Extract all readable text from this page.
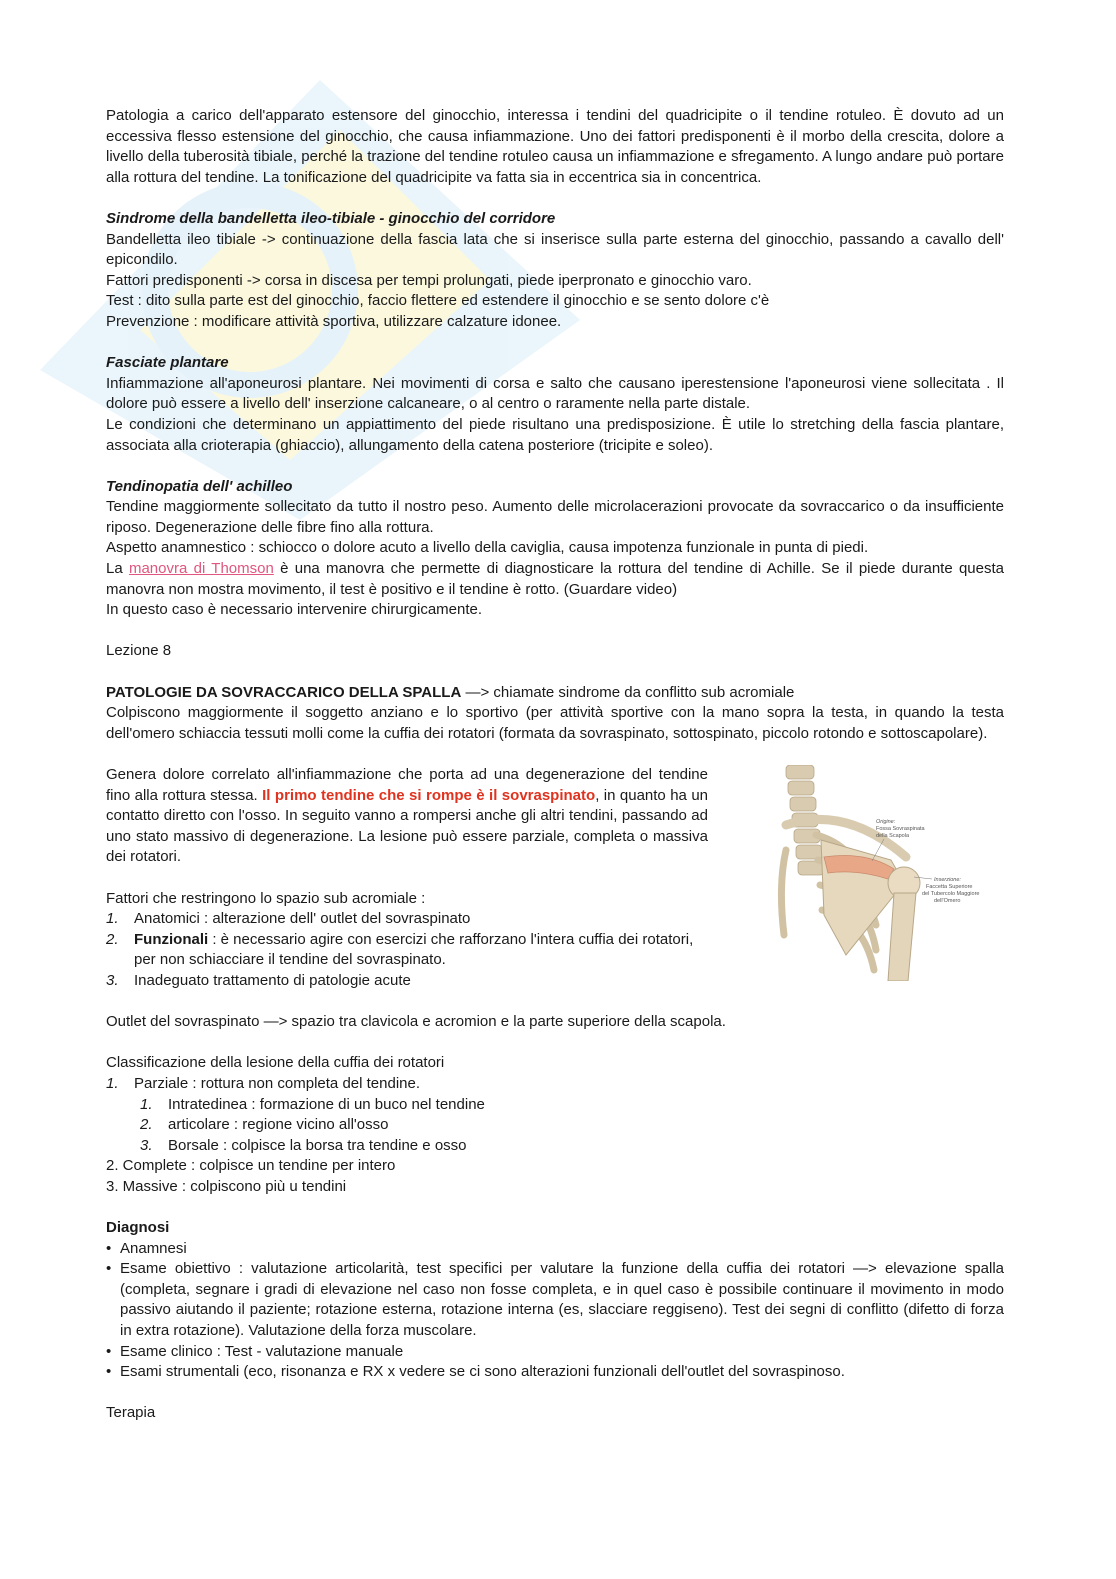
Patologia a carico dell'apparato estensore del ginocchio, interessa i tendini del quadricipite o il tendine rotuleo. È dovuto ad un eccessiva flesso estensione del ginocchio, che causa infiammazione. Uno dei fattori predisponenti è il morbo della crescita, dolore a livello della tuberosità tibiale, perché la trazione del tendine rotuleo causa un infiammazione e sfregamento. A lungo andare può portare alla rottura del tendine. La tonificazione del quadricipite va fatta sia in eccentrica sia in concentrica.

Sindrome della bandelletta ileo-tibiale - ginocchio del corridore

Bandelletta ileo tibiale -> continuazione della fascia lata che si inserisce sulla parte esterna del ginocchio, passando a cavallo dell' epicondilo.

Fattori predisponenti -> corsa in discesa per tempi prolungati, piede iperpronato e ginocchio varo.

Test : dito sulla parte est del ginocchio, faccio flettere ed estendere il ginocchio e se sento dolore c'è

Prevenzione : modificare attività sportiva, utilizzare calzature idonee.

Fasciate plantare

Infiammazione all'aponeurosi plantare. Nei movimenti di corsa e salto che causano iperestensione l'aponeurosi viene sollecitata . Il dolore può essere a livello dell' inserzione calcaneare, o al centro o raramente nella parte distale.

Le condizioni che determinano un appiattimento del piede risultano una predisposizione. È utile lo stretching della fascia plantare, associata alla crioterapia (ghiaccio), allungamento della catena posteriore (tricipite e soleo).

Tendinopatia dell' achilleo

Tendine maggiormente sollecitato da tutto il nostro peso. Aumento delle microlacerazioni provocate da sovraccarico o da insufficiente riposo. Degenerazione delle fibre fino alla rottura.

Aspetto anamnestico : schiocco o dolore acuto a livello della caviglia, causa impotenza funzionale in punta di piedi.

La manovra di Thomson è una manovra che permette di diagnosticare la rottura del tendine di Achille. Se il piede durante questa manovra non mostra movimento, il test è positivo e il tendine è rotto. (Guardare video)

In questo caso è necessario intervenire chirurgicamente.

Lezione 8

PATOLOGIE DA SOVRACCARICO DELLA SPALLA —> chiamate sindrome da conflitto sub acromiale

Colpiscono maggiormente il soggetto anziano e lo sportivo (per attività sportive con la mano sopra la testa, in quando la testa dell'omero schiaccia tessuti molli come la cuffia dei rotatori (formata da sovraspinato, sottospinato, piccolo rotondo e sottoscapolare).

Genera dolore correlato all'infiammazione che porta ad una degenerazione del tendine fino alla rottura stessa. Il primo tendine che si rompe è il sovraspinato, in quanto ha un contatto diretto con l'osso. In seguito vanno a rompersi anche gli altri tendini, passando ad uno stato massivo di degenerazione. La lesione può essere parziale, completa o massiva dei rotatori.

Fattori che restringono lo spazio sub acromiale :

1. Anatomici : alterazione dell' outlet del sovraspinato
2. Funzionali : è necessario agire con esercizi che rafforzano l'intera cuffia dei rotatori, per non schiacciare il tendine del sovraspinato.
3. Inadeguato trattamento di patologie acute
Origine:
Fossa Sovraspinata
della Scapola
Inserzione:
Faccetta Superiore
del Tubercolo Maggiore
dell'Omero

Outlet del sovraspinato —> spazio tra clavicola e acromion e la parte superiore della scapola.

Classificazione della lesione della cuffia dei rotatori

1. Parziale : rottura non completa del tendine.
1. Intratedinea : formazione di un buco nel tendine
2. articolare : regione vicino all'osso
3. Borsale : colpisce la borsa tra tendine e osso

2. Complete : colpisce un tendine per intero

3. Massive : colpiscono più u tendini

Diagnosi

• Anamnesi
• Esame obiettivo : valutazione articolarità, test specifici per valutare la funzione della cuffia dei rotatori —> elevazione spalla (completa, segnare i gradi di elevazione nel caso non fosse completa, e in quel caso è possibile continuare il movimento in modo passivo aiutando il paziente; rotazione esterna, rotazione interna (es, slacciare reggiseno). Test dei segni di conflitto (difetto di forza in extra rotazione). Valutazione della forza muscolare.
• Esame clinico : Test - valutazione manuale
• Esami strumentali (eco, risonanza e RX x vedere se ci sono alterazioni funzionali dell'outlet del sovraspinoso.

Terapia
